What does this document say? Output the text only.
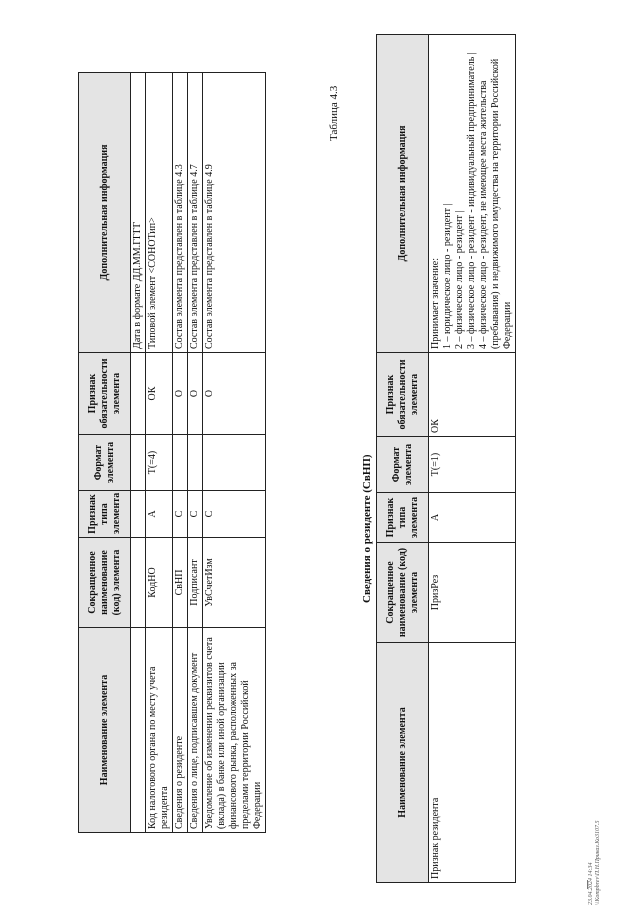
Наименование элемента	Сокращенное наименование (код) элемента	Признак типа элемента	Формат элемента	Признак обязательности элемента	Дополнительная информация
					Дата в формате ДД.ММ.ГГГГ
Код налогового органа по месту учета резидента	КодНО	А	T(=4)	ОК	Типовой элемент <СОНОТип>
Сведения о резиденте	СвНП	С		О	Состав элемента представлен в таблице 4.3
Сведения о лице, подписавшем документ	Подписант	С		О	Состав элемента представлен в таблице 4.7
Уведомление об изменении реквизитов счета (вклада) в банке или иной организации финансового рынка, расположенных за пределами территории Российской Федерации	УвСчетИзм	С		О	Состав элемента представлен в таблице 4.9
Таблица 4.3
Сведения о резиденте (СвНП)
Наименование элемента	Сокращенное наименование (код) элемента	Признак типа элемента	Формат элемента	Признак обязательности элемента	Дополнительная информация
Признак резидента	ПризРез	А	T(=1)	ОК	Принимает значение:
1 – юридическое лицо - резидент |
2 – физическое лицо - резидент |
3 – физическое лицо - резидент - индивидуальный предприниматель |
4 – физическое лицо - резидент, не имеющее места жительства (пребывания) и недвижимого имущества на территории Российской Федерации
23.04.2024 14:34 \\Kompbrev\П.Н.Приказ.Ко3107.5
